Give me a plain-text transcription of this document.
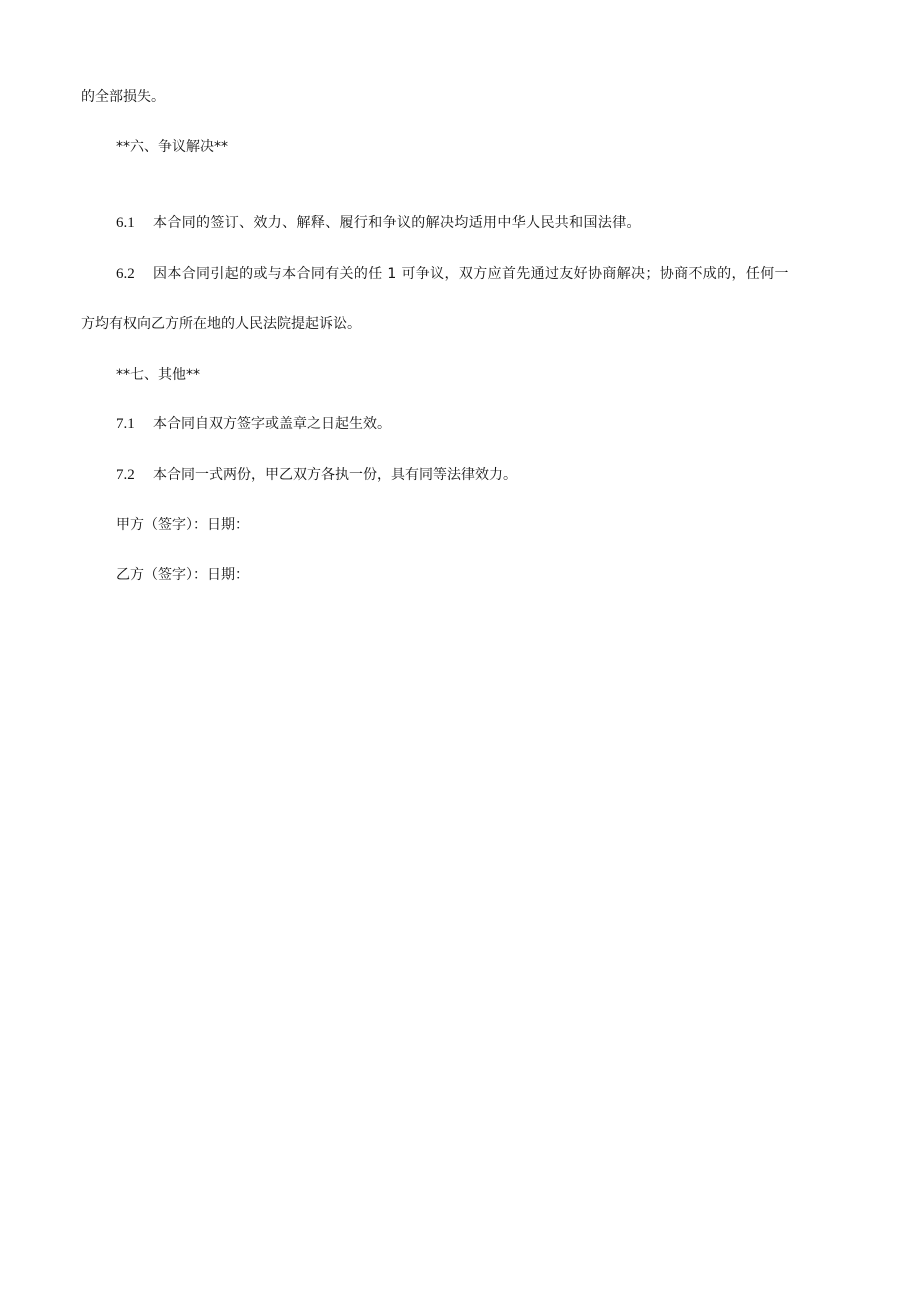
的全部损失。
**六、争议解决**
6.1 本合同的签订、效力、解释、履行和争议的解决均适用中华人民共和国法律。
6.2 因本合同引起的或与本合同有关的任 1 可争议，双方应首先通过友好协商解决；协商不成的，任何一
方均有权向乙方所在地的人民法院提起诉讼。
**七、其他**
7.1 本合同自双方签字或盖章之日起生效。
7.2 本合同一式两份，甲乙双方各执一份，具有同等法律效力。
甲方（签字）：日期：
乙方（签字）：日期：
